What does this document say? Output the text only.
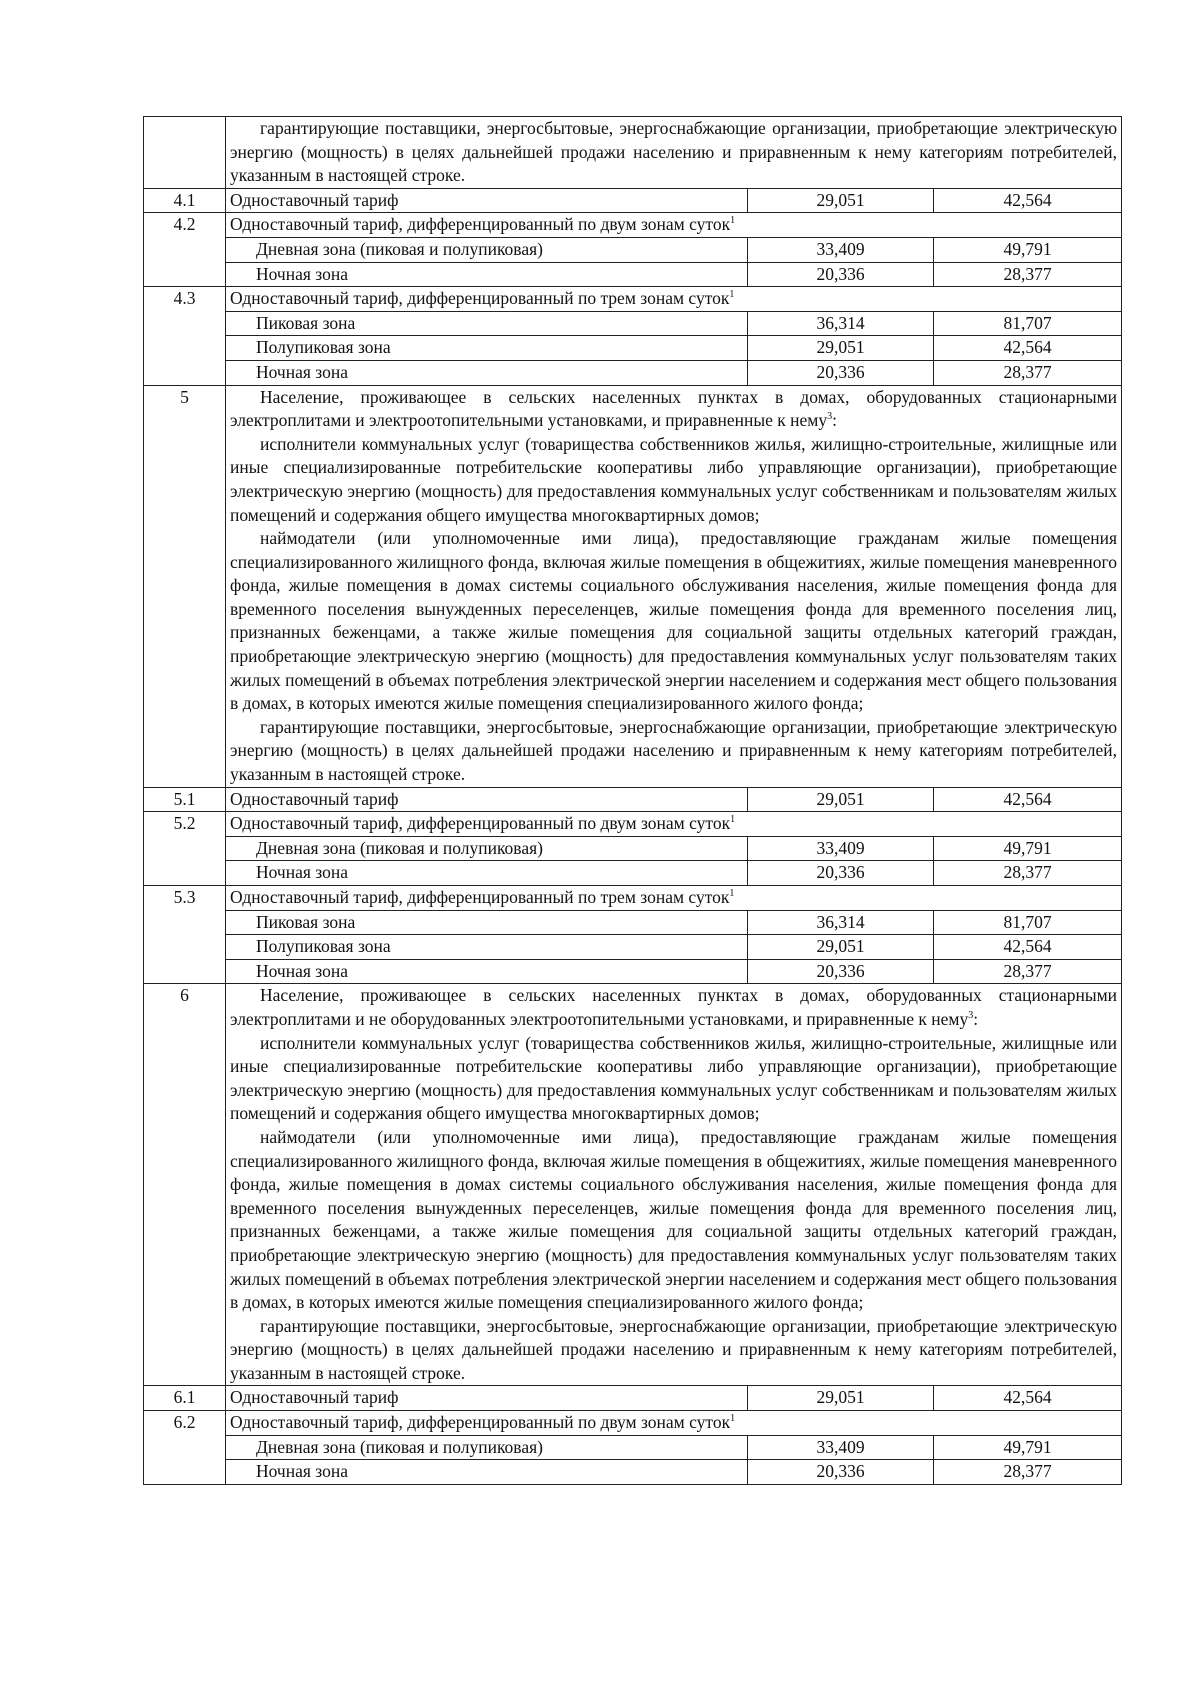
	гарантирующие поставщики, энергосбытовые, энергоснабжающие организации, приобретающие электрическую энергию (мощность) в целях дальнейшей продажи населению и приравненным к нему категориям потребителей, указанным в настоящей строке.		

4.1	Одноставочный тариф	29,051	42,564
4.2	Одноставочный тариф, дифференцированный по двум зонам суток$^1$
	Дневная зона (пиковая и полупиковая)	33,409	49,791
	Ночная зона	20,336	28,377
4.3	Одноставочный тариф, дифференцированный по трем зонам суток$^1$
	Пиковая зона	36,314	81,707
	Полупиковая зона	29,051	42,564
	Ночная зона	20,336	28,377
5	Население, проживающее в сельских населенных пунктах в домах, оборудованных стационарными электроплитами и электроотопительными установками, и приравненные к нему$^3$:

исполнители коммунальных услуг (товарищества собственников жилья, жилищно-строительные, жилищные или иные специализированные потребительские кооперативы либо управляющие организации), приобретающие электрическую энергию (мощность) для предоставления коммунальных услуг собственникам и пользователям жилых помещений и содержания общего имущества многоквартирных домов;

наймодатели (или уполномоченные ими лица), предоставляющие гражданам жилые помещения специализированного жилищного фонда, включая жилые помещения в общежитиях, жилые помещения маневренного фонда, жилые помещения в домах системы социального обслуживания населения, жилые помещения фонда для временного поселения вынужденных переселенцев, жилые помещения фонда для временного поселения лиц, признанных беженцами, а также жилые помещения для социальной защиты отдельных категорий граждан, приобретающие электрическую энергию (мощность) для предоставления коммунальных услуг пользователям таких жилых помещений в объемах потребления электрической энергии населением и содержания мест общего пользования в домах, в которых имеются жилые помещения специализированного жилого фонда;

гарантирующие поставщики, энергосбытовые, энергоснабжающие организации, приобретающие электрическую энергию (мощность) в целях дальнейшей продажи населению и приравненным к нему категориям потребителей, указанным в настоящей строке.		

5.1	Одноставочный тариф	29,051	42,564
5.2	Одноставочный тариф, дифференцированный по двум зонам суток$^1$
	Дневная зона (пиковая и полупиковая)	33,409	49,791
	Ночная зона	20,336	28,377
5.3	Одноставочный тариф, дифференцированный по трем зонам суток$^1$
	Пиковая зона	36,314	81,707
	Полупиковая зона	29,051	42,564
	Ночная зона	20,336	28,377
6	Население, проживающее в сельских населенных пунктах в домах, оборудованных стационарными электроплитами и не оборудованных электроотопительными установками, и приравненные к нему$^3$:

исполнители коммунальных услуг (товарищества собственников жилья, жилищно-строительные, жилищные или иные специализированные потребительские кооперативы либо управляющие организации), приобретающие электрическую энергию (мощность) для предоставления коммунальных услуг собственникам и пользователям жилых помещений и содержания общего имущества многоквартирных домов;

наймодатели (или уполномоченные ими лица), предоставляющие гражданам жилые помещения специализированного жилищного фонда, включая жилые помещения в общежитиях, жилые помещения маневренного фонда, жилые помещения в домах системы социального обслуживания населения, жилые помещения фонда для временного поселения вынужденных переселенцев, жилые помещения фонда для временного поселения лиц, признанных беженцами, а также жилые помещения для социальной защиты отдельных категорий граждан, приобретающие электрическую энергию (мощность) для предоставления коммунальных услуг пользователям таких жилых помещений в объемах потребления электрической энергии населением и содержания мест общего пользования в домах, в которых имеются жилые помещения специализированного жилого фонда;

гарантирующие поставщики, энергосбытовые, энергоснабжающие организации, приобретающие электрическую энергию (мощность) в целях дальнейшей продажи населению и приравненным к нему категориям потребителей, указанным в настоящей строке.		

6.1	Одноставочный тариф	29,051	42,564
6.2	Одноставочный тариф, дифференцированный по двум зонам суток$^1$
	Дневная зона (пиковая и полупиковая)	33,409	49,791
	Ночная зона	20,336	28,377
